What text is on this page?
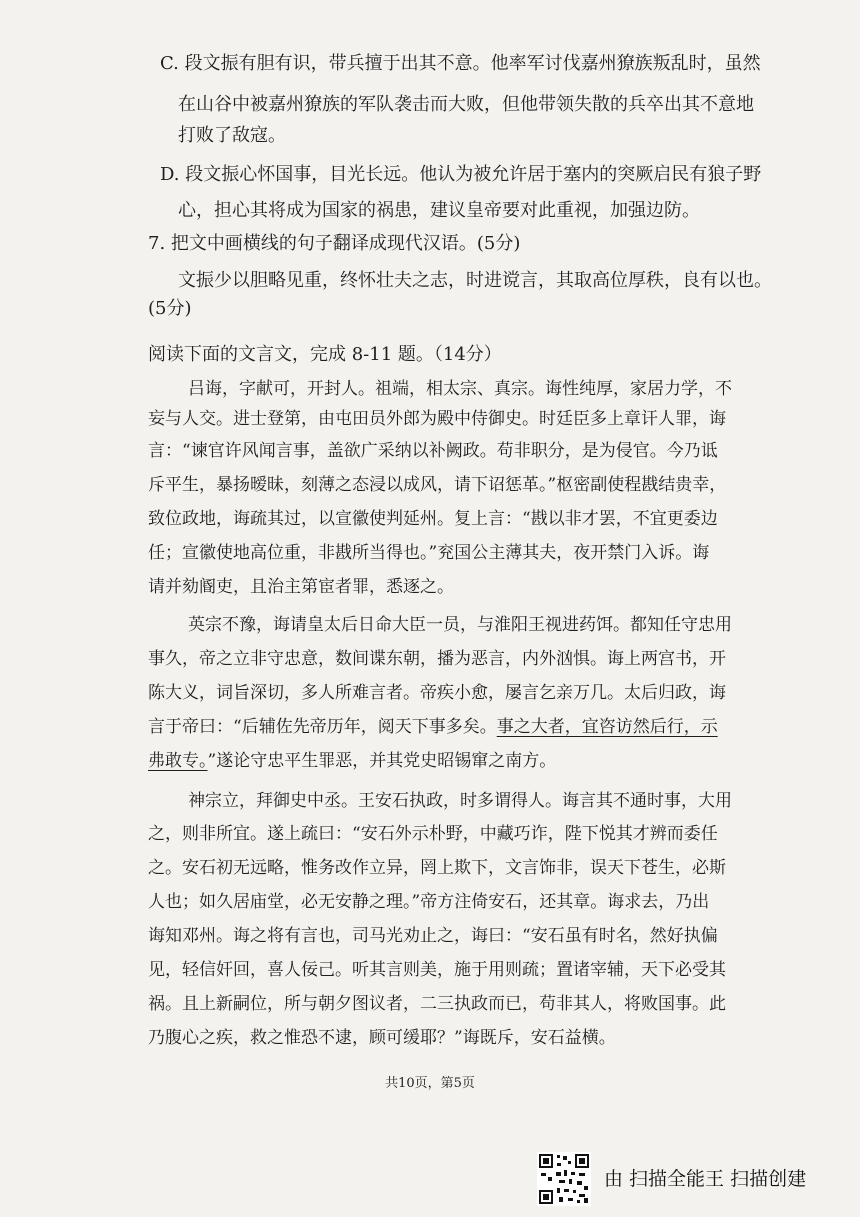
C. 段文振有胆有识，带兵擅于出其不意。他率军讨伐嘉州獠族叛乱时，虽然
在山谷中被嘉州獠族的军队袭击而大败，但他带领失散的兵卒出其不意地
打败了敌寇。
D. 段文振心怀国事，目光长远。他认为被允许居于塞内的突厥启民有狼子野
心，担心其将成为国家的祸患，建议皇帝要对此重视，加强边防。
7. 把文中画横线的句子翻译成现代汉语。(5分)
文振少以胆略见重，终怀壮夫之志，时进谠言，其取高位厚秩，良有以也。
(5分)
阅读下面的文言文，完成 8-11 题。（14分）
吕诲，字献可，开封人。祖端，相太宗、真宗。诲性纯厚，家居力学，不
妄与人交。进士登第，由屯田员外郎为殿中侍御史。时廷臣多上章讦人罪，诲
言：“谏官许风闻言事，盖欲广采纳以补阙政。苟非职分，是为侵官。今乃诋
斥平生，暴扬暧昧，刻薄之态浸以成风，请下诏惩革。”枢密副使程戡结贵幸，
致位政地，诲疏其过，以宣徽使判延州。复上言：“戡以非才罢，不宜更委边
任；宣徽使地高位重，非戡所当得也。”兖国公主薄其夫，夜开禁门入诉。诲
请并劾阍吏，且治主第宦者罪，悉逐之。
英宗不豫，诲请皇太后日命大臣一员，与淮阳王视进药饵。都知任守忠用
事久，帝之立非守忠意，数间谍东朝，播为恶言，内外汹惧。诲上两宫书，开
陈大义，词旨深切，多人所难言者。帝疾小愈，屡言乞亲万几。太后归政，诲
言于帝曰：“后辅佐先帝历年，阅天下事多矣。事之大者，宜咨访然后行，示
弗敢专。”遂论守忠平生罪恶，并其党史昭锡窜之南方。
神宗立，拜御史中丞。王安石执政，时多谓得人。诲言其不通时事，大用
之，则非所宜。遂上疏曰：“安石外示朴野，中藏巧诈，陛下悦其才辨而委任
之。安石初无远略，惟务改作立异，罔上欺下，文言饰非，误天下苍生，必斯
人也；如久居庙堂，必无安静之理。”帝方注倚安石，还其章。诲求去，乃出
诲知邓州。诲之将有言也，司马光劝止之，诲曰：“安石虽有时名，然好执偏
见，轻信奸回，喜人佞己。听其言则美，施于用则疏；置诸宰辅，天下必受其
祸。且上新嗣位，所与朝夕图议者，二三执政而已，苟非其人，将败国事。此
乃腹心之疾，救之惟恐不逮，顾可缓耶？”诲既斥，安石益横。
共10页，第5页
由 扫描全能王 扫描创建
